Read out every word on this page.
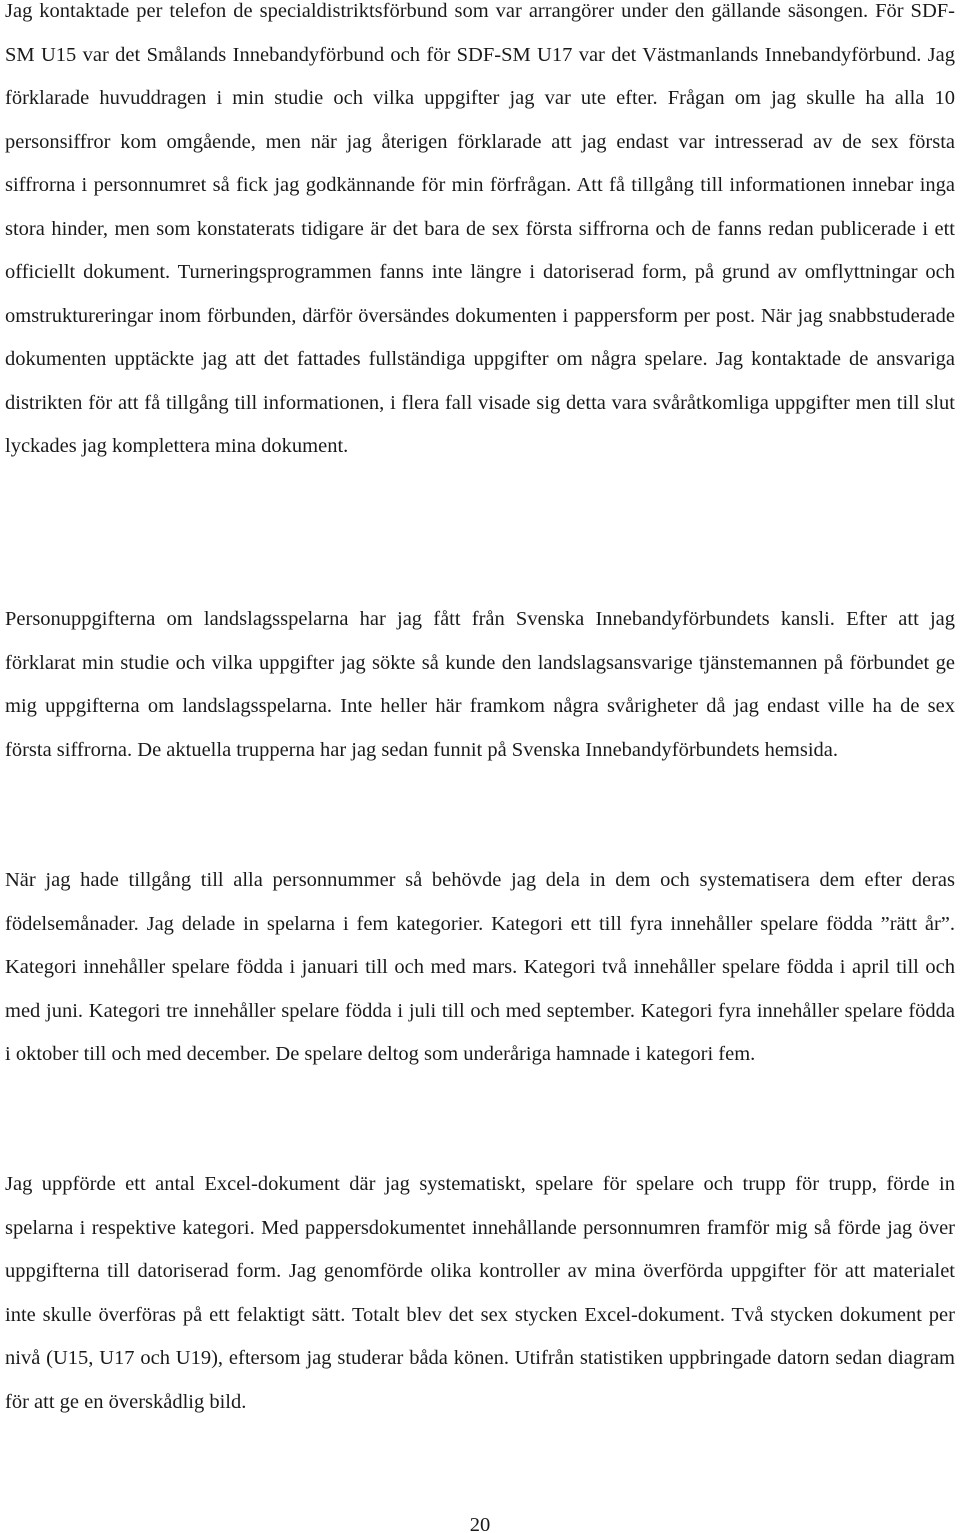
Jag kontaktade per telefon de specialdistriktsförbund som var arrangörer under den gällande säsongen. För SDF-SM U15 var det Smålands Innebandyförbund och för SDF-SM U17 var det Västmanlands Innebandyförbund. Jag förklarade huvuddragen i min studie och vilka uppgifter jag var ute efter. Frågan om jag skulle ha alla 10 personsiffror kom omgående, men när jag återigen förklarade att jag endast var intresserad av de sex första siffrorna i personnumret så fick jag godkännande för min förfrågan. Att få tillgång till informationen innebar inga stora hinder, men som konstaterats tidigare är det bara de sex första siffrorna och de fanns redan publicerade i ett officiellt dokument. Turneringsprogrammen fanns inte längre i datoriserad form, på grund av omflyttningar och omstruktureringar inom förbunden, därför översändes dokumenten i pappersform per post. När jag snabbstuderade dokumenten upptäckte jag att det fattades fullständiga uppgifter om några spelare. Jag kontaktade de ansvariga distrikten för att få tillgång till informationen, i flera fall visade sig detta vara svåråtkomliga uppgifter men till slut lyckades jag komplettera mina dokument.

Personuppgifterna om landslagsspelarna har jag fått från Svenska Innebandyförbundets kansli. Efter att jag förklarat min studie och vilka uppgifter jag sökte så kunde den landslagsansvarige tjänstemannen på förbundet ge mig uppgifterna om landslagsspelarna. Inte heller här framkom några svårigheter då jag endast ville ha de sex första siffrorna. De aktuella trupperna har jag sedan funnit på Svenska Innebandyförbundets hemsida.

När jag hade tillgång till alla personnummer så behövde jag dela in dem och systematisera dem efter deras födelsemånader. Jag delade in spelarna i fem kategorier. Kategori ett till fyra innehåller spelare födda ”rätt år”. Kategori innehåller spelare födda i januari till och med mars. Kategori två innehåller spelare födda i april till och med juni. Kategori tre innehåller spelare födda i juli till och med september. Kategori fyra innehåller spelare födda i oktober till och med december. De spelare deltog som underåriga hamnade i kategori fem.

Jag uppförde ett antal Excel-dokument där jag systematiskt, spelare för spelare och trupp för trupp, förde in spelarna i respektive kategori. Med pappersdokumentet innehållande personnumren framför mig så förde jag över uppgifterna till datoriserad form. Jag genomförde olika kontroller av mina överförda uppgifter för att materialet inte skulle överföras på ett felaktigt sätt. Totalt blev det sex stycken Excel-dokument. Två stycken dokument per nivå (U15, U17 och U19), eftersom jag studerar båda könen. Utifrån statistiken uppbringade datorn sedan diagram för att ge en överskådlig bild.

20
